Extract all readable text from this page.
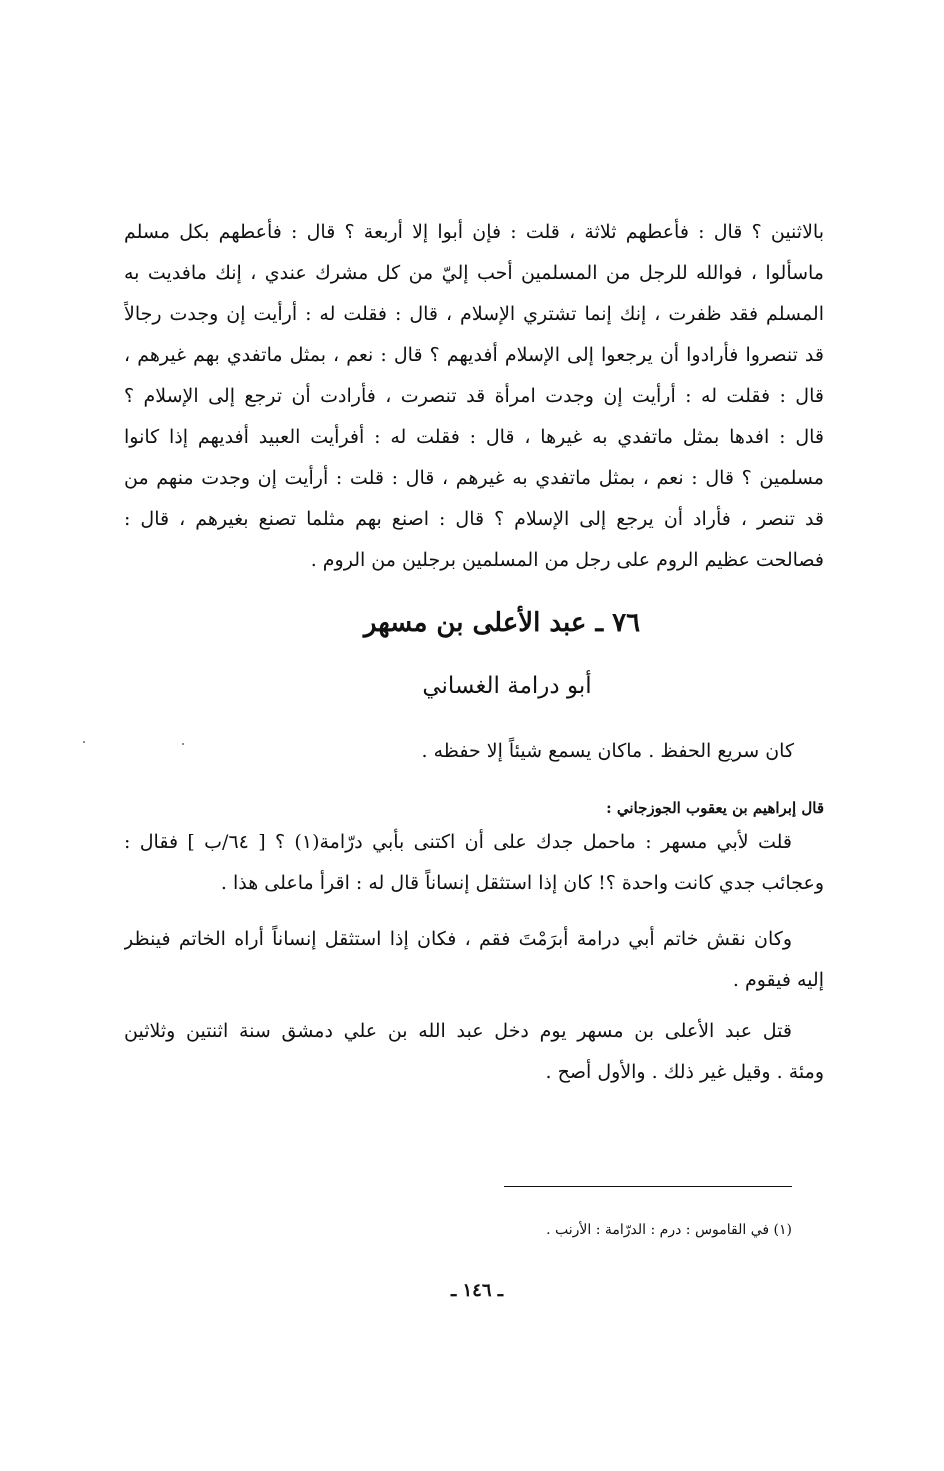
بالاثنين ؟ قال : فأعطهم ثلاثة ، قلت : فإن أبوا إلا أربعة ؟ قال : فأعطهم بكل مسلم
ماسألوا ، فوالله للرجل من المسلمين أحب إليّ من كل مشرك عندي ، إنك مافديت به
المسلم فقد ظفرت ، إنك إنما تشتري الإسلام ، قال : فقلت له : أرأيت إن وجدت رجالاً
قد تنصروا فأرادوا أن يرجعوا إلى الإسلام أفديهم ؟ قال : نعم ، بمثل ماتفدي بهم غيرهم ،
قال : فقلت له : أرأيت إن وجدت امرأة قد تنصرت ، فأرادت أن ترجع إلى الإسلام ؟
قال : افدها بمثل ماتفدي به غيرها ، قال : فقلت له : أفرأيت العبيد أفديهم إذا كانوا
مسلمين ؟ قال : نعم ، بمثل ماتفدي به غيرهم ، قال : قلت : أرأيت إن وجدت منهم من
قد تنصر ، فأراد أن يرجع إلى الإسلام ؟ قال : اصنع بهم مثلما تصنع بغيرهم ، قال :
فصالحت عظيم الروم على رجل من المسلمين برجلين من الروم .
٧٦ ـ عبد الأعلى بن مسهر
أبو درامة الغساني
كان سريع الحفظ . ماكان يسمع شيئاً إلا حفظه .
قال إبراهيم بن يعقوب الجوزجاني :
قلت لأبي مسهر : ماحمل جدك على أن اكتنى بأبي درّامة(١) ؟ [ ٦٤/ب ] فقال :
وعجائب جدي كانت واحدة ؟! كان إذا استثقل إنساناً قال له : اقرأ ماعلى هذا .
وكان نقش خاتم أبي درامة أبرَمْتَ فقم ، فكان إذا استثقل إنساناً أراه الخاتم فينظر
إليه فيقوم .
قتل عبد الأعلى بن مسهر يوم دخل عبد الله بن علي دمشق سنة اثنتين وثلاثين
ومئة . وقيل غير ذلك . والأول أصح .
(١) في القاموس : درم : الدرّامة : الأرنب .
ـ ١٤٦ ـ
